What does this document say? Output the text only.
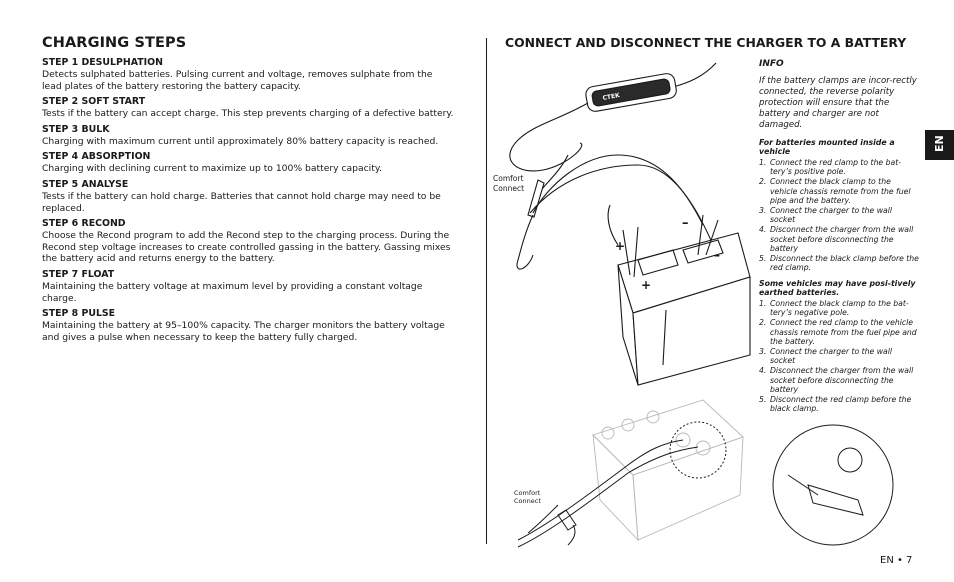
CHARGING STEPS
STEP 1 DESULPHATION

Detects sulphated batteries. Pulsing current and voltage, removes sulphate from the lead plates of the battery restoring the battery capacity.

STEP 2 SOFT START

Tests if the battery can accept charge. This step prevents charging of a defective battery.

STEP 3 BULK

Charging with maximum current until approximately 80% battery capacity is reached.

STEP 4 ABSORPTION

Charging with declining current to maximize up to 100% battery capacity.

STEP 5 ANALYSE

Tests if the battery can hold charge. Batteries that cannot hold charge may need to be replaced.

STEP 6 RECOND

Choose the Recond program to add the Recond step to the charging process. During the Recond step voltage increases to create controlled gassing in the battery. Gassing mixes the battery acid and returns energy to the battery.

STEP 7 FLOAT

Maintaining the battery voltage at maximum level by providing a constant voltage charge.

STEP 8 PULSE

Maintaining the battery at 95–100% capacity. The charger monitors the battery voltage and gives a pulse when necessary to keep the battery fully charged.

CONNECT AND DISCONNECT THE CHARGER TO A BATTERY
+
+
–
–
CTEK
Comfort
Connect
Comfort
Connect
INFO

If the battery clamps are incor-rectly connected, the reverse polarity protection will ensure that the battery and charger are not damaged.

For batteries mounted inside a vehicle
1. Connect the red clamp to the bat-tery’s positive pole.
2. Connect the black clamp to the vehicle chassis remote from the fuel pipe and the battery.
3. Connect the charger to the wall socket
4. Disconnect the charger from the wall socket before disconnecting the battery
5. Disconnect the black clamp before the red clamp.
Some vehicles may have posi-tively earthed batteries.
1. Connect the black clamp to the bat-tery’s negative pole.
2. Connect the red clamp to the vehicle chassis remote from the fuel pipe and the battery.
3. Connect the charger to the wall socket
4. Disconnect the charger from the wall socket before disconnecting the battery
5. Disconnect the red clamp before the black clamp.
EN
EN • 7
